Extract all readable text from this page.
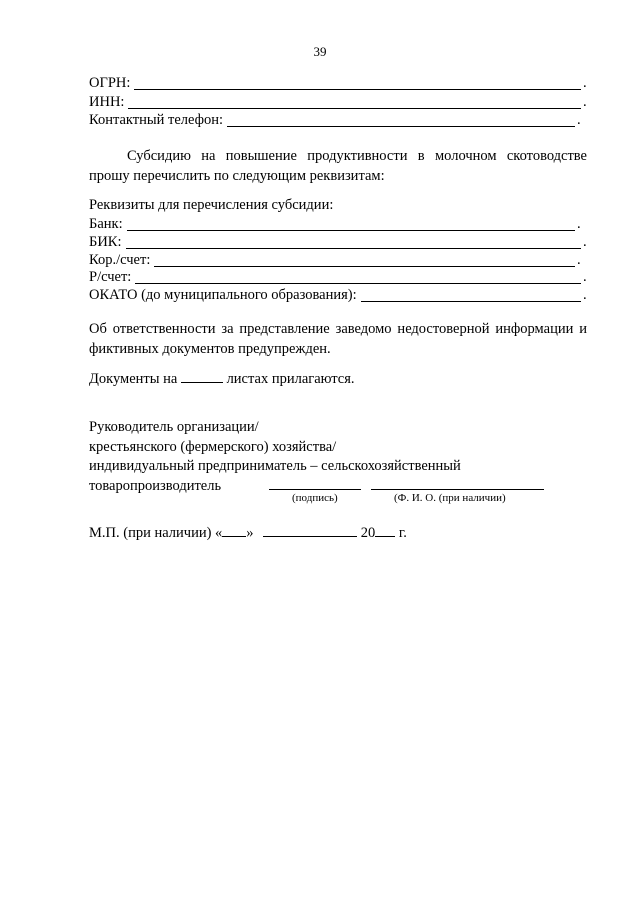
39
ОГРН:	.
ИНН:	.
Контактный телефон:	.
Субсидию на повышение продуктивности в молочном скотоводстве
прошу перечислить по следующим реквизитам:
Реквизиты для перечисления субсидии:
Банк:	.
БИК:	.
Кор./счет:	.
Р/счет:	.
ОКАТО (до муниципального образования):	.
Об ответственности за представление заведомо недостоверной информации и
фиктивных документов предупрежден.
Документы на	листах прилагаются.
Руководитель организации/
крестьянского (фермерского) хозяйства/
индивидуальный предприниматель – сельскохозяйственный
товаропроизводитель
(подпись)	(Ф. И. О. (при наличии)
М.П. (при наличии) « »	20 г.
